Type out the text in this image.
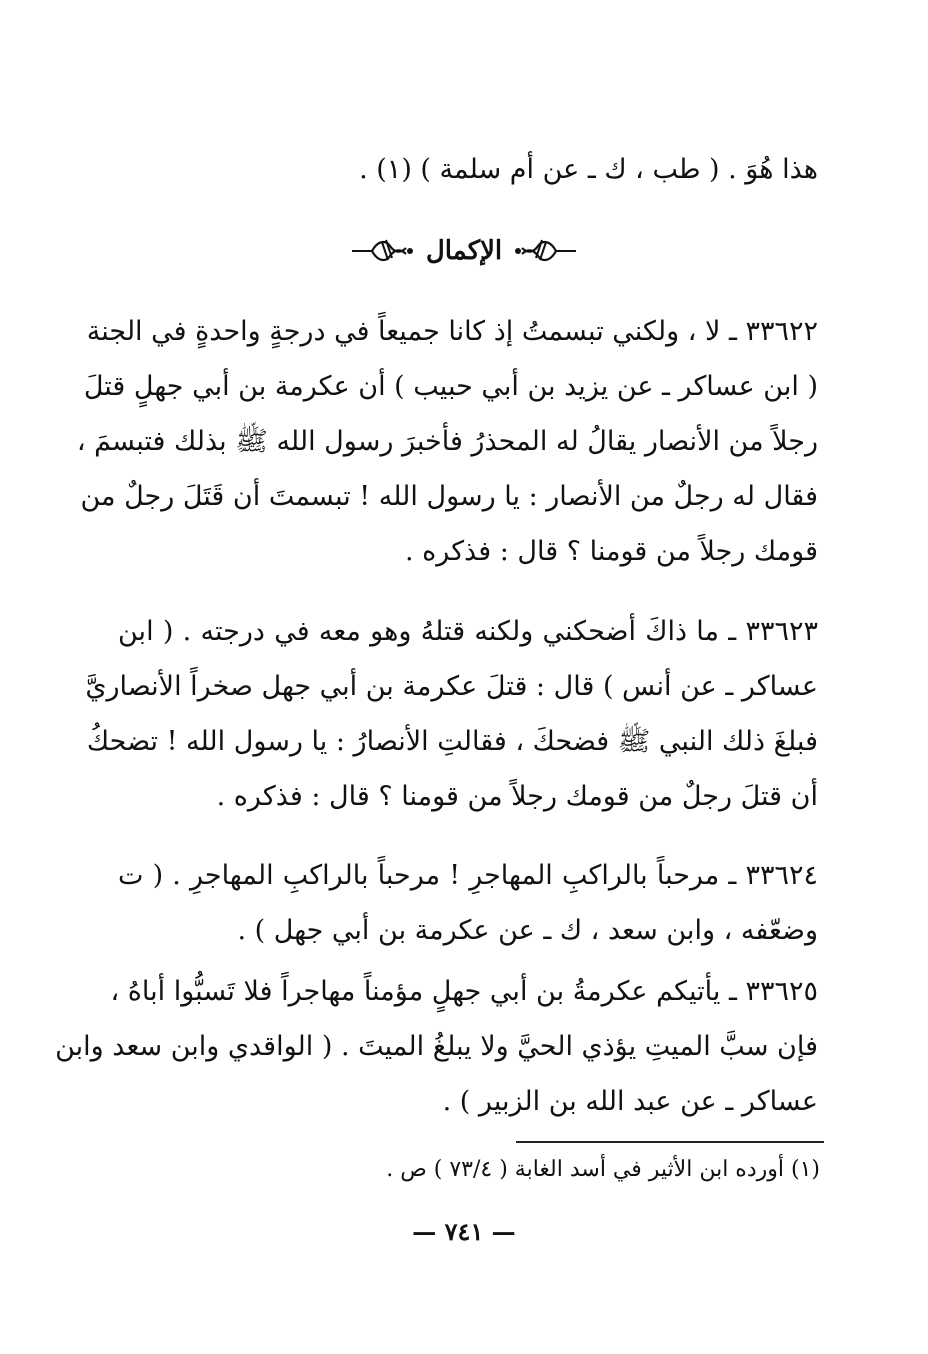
هذا هُوَ . ( طب ، ك ـ عن أم سلمة ) (١) .
الإكمال
٣٣٦٢٢ ـ لا ، ولكني تبسمتُ إذ كانا جميعاً في درجةٍ واحدةٍ في الجنة
( ابن عساكر ـ عن يزيد بن أبي حبيب ) أن عكرمة بن أبي جهلٍ قتلَ
رجلاً من الأنصار يقالُ له المحذرُ فأخبرَ رسول الله ﷺ بذلك فتبسمَ ،
فقال له رجلٌ من الأنصار : يا رسول الله ! تبسمتَ أن قَتَلَ رجلٌ من
قومك رجلاً من قومنا ؟ قال : فذكره .
٣٣٦٢٣ ـ ما ذاكَ أضحكني ولكنه قتلهُ وهو معه في درجته . ( ابن
عساكر ـ عن أنس ) قال : قتلَ عكرمة بن أبي جهل صخراً الأنصاريَّ
فبلغَ ذلك النبي ﷺ فضحكَ ، فقالتِ الأنصارُ : يا رسول الله ! تضحكُ
أن قتلَ رجلٌ من قومك رجلاً من قومنا ؟ قال : فذكره .
٣٣٦٢٤ ـ مرحباً بالراكبِ المهاجرِ ! مرحباً بالراكبِ المهاجرِ . ( ت
وضعّفه ، وابن سعد ، ك ـ عن عكرمة بن أبي جهل ) .
٣٣٦٢٥ ـ يأتيكم عكرمةُ بن أبي جهلٍ مؤمناً مهاجراً فلا تَسبُّوا أباهُ ،
فإن سبَّ الميتِ يؤذي الحيَّ ولا يبلغُ الميتَ . ( الواقدي وابن سعد وابن
عساكر ـ عن عبد الله بن الزبير ) .
(١) أورده ابن الأثير في أسد الغابة ( ٧٣/٤ ) ص .
— ٧٤١ —
